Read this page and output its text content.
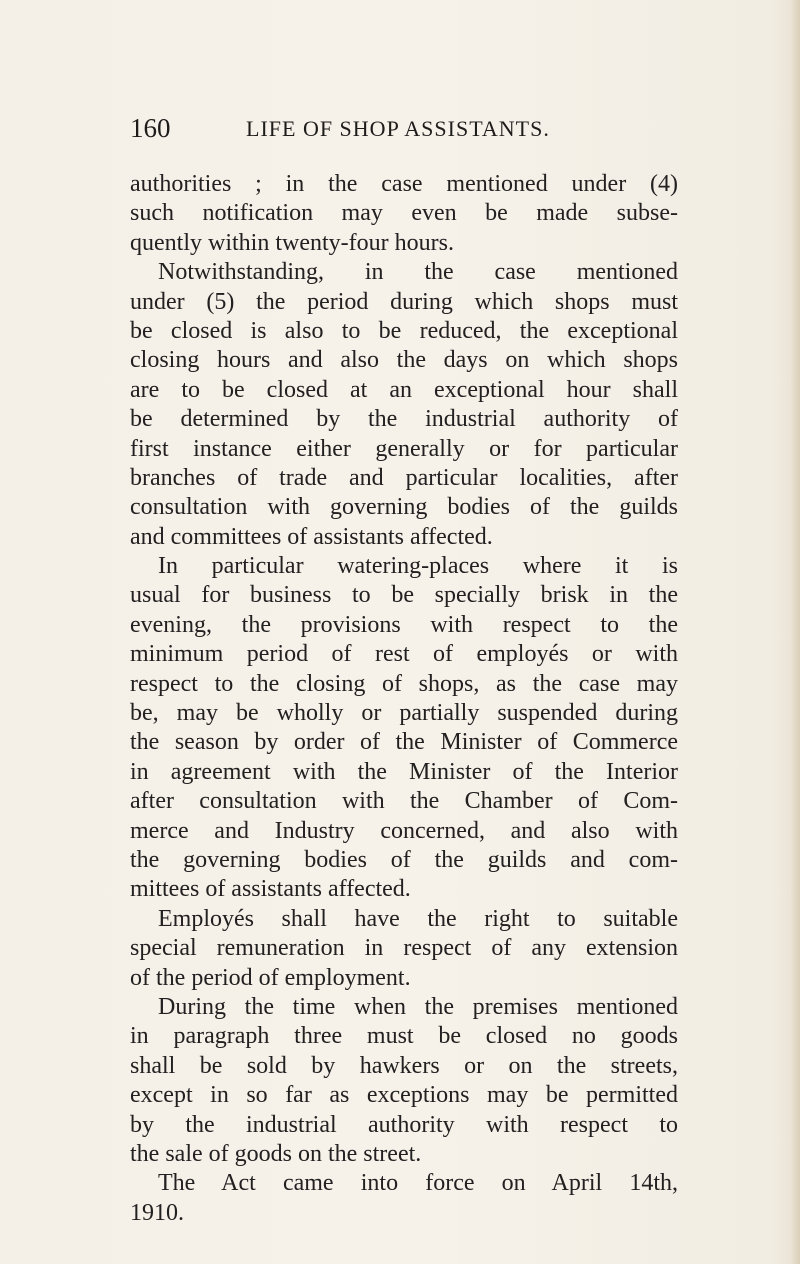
160	LIFE OF SHOP ASSISTANTS.
authorities ; in the case mentioned under (4)
such notification may even be made subse-
quently within twenty-four hours.
Notwithstanding, in the case mentioned
under (5) the period during which shops must
be closed is also to be reduced, the exceptional
closing hours and also the days on which shops
are to be closed at an exceptional hour shall
be determined by the industrial authority of
first instance either generally or for particular
branches of trade and particular localities, after
consultation with governing bodies of the guilds
and committees of assistants affected.
In particular watering-places where it is
usual for business to be specially brisk in the
evening, the provisions with respect to the
minimum period of rest of employés or with
respect to the closing of shops, as the case may
be, may be wholly or partially suspended during
the season by order of the Minister of Commerce
in agreement with the Minister of the Interior
after consultation with the Chamber of Com-
merce and Industry concerned, and also with
the governing bodies of the guilds and com-
mittees of assistants affected.
Employés shall have the right to suitable
special remuneration in respect of any extension
of the period of employment.
During the time when the premises mentioned
in paragraph three must be closed no goods
shall be sold by hawkers or on the streets,
except in so far as exceptions may be permitted
by the industrial authority with respect to
the sale of goods on the street.
The Act came into force on April 14th,
1910.
